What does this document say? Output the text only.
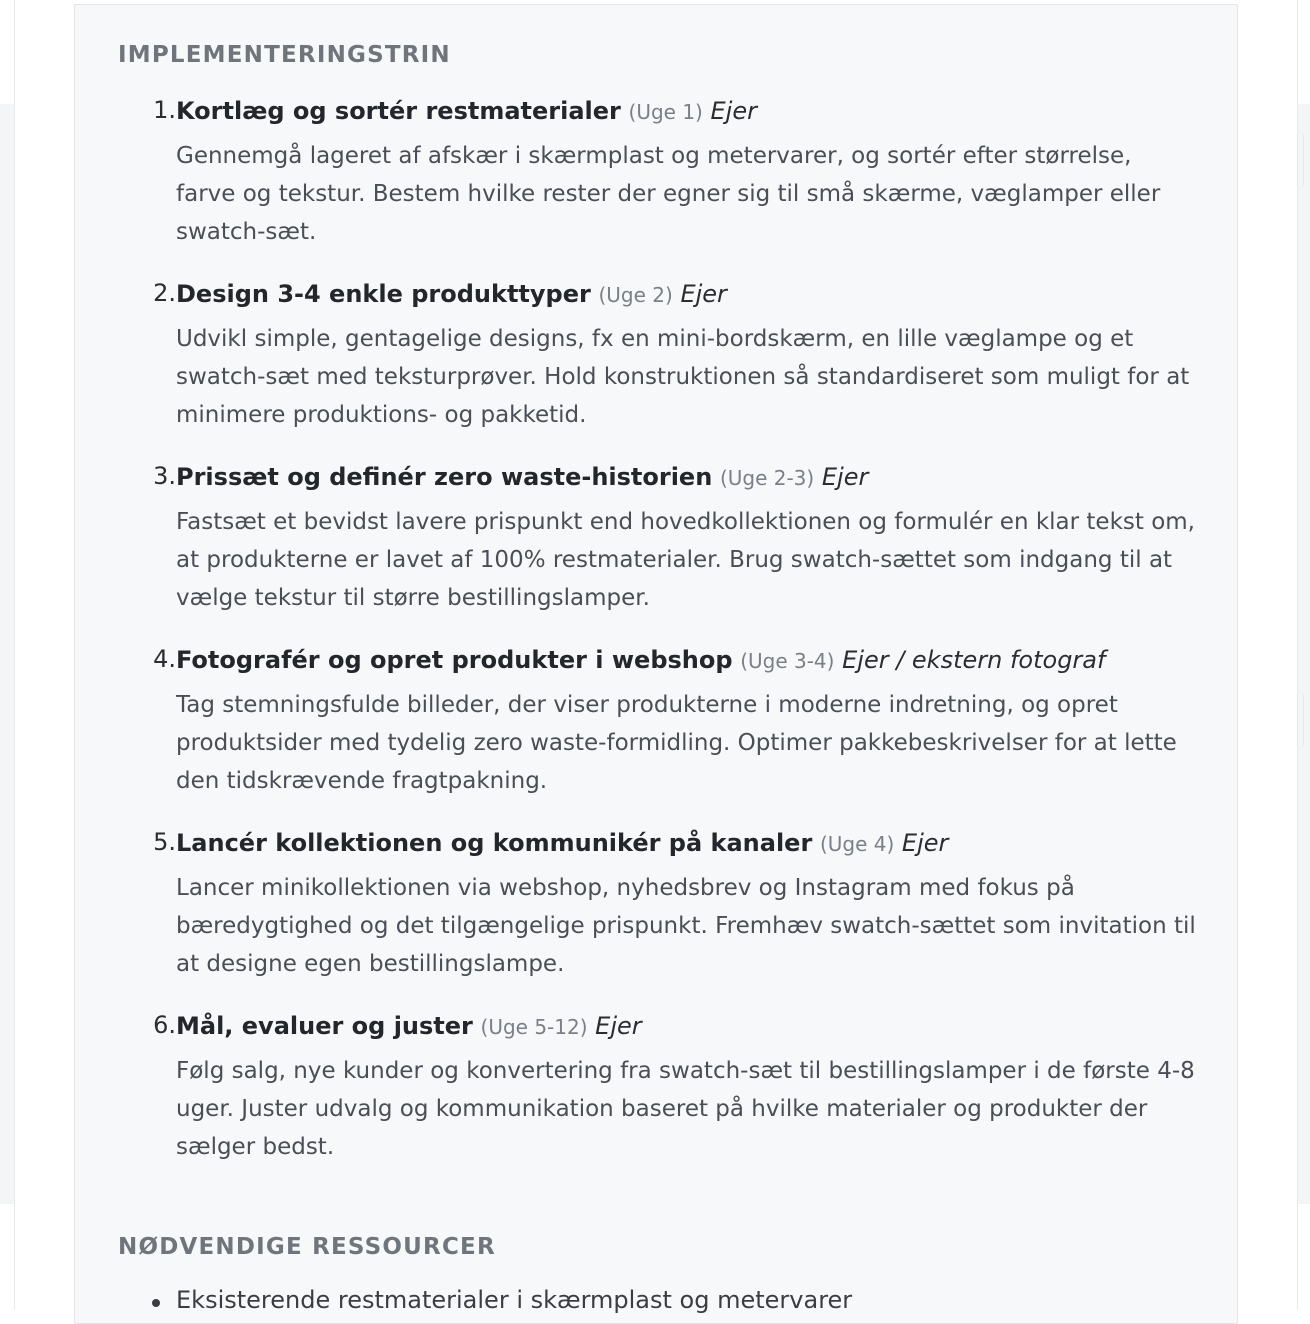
IMPLEMENTERINGSTRIN
1. Kortlæg og sortér restmaterialer (Uge 1) Ejer

Gennemgå lageret af afskær i skærmplast og metervarer, og sortér efter størrelse, farve og tekstur. Bestem hvilke rester der egner sig til små skærme, væglamper eller swatch-sæt.

2. Design 3-4 enkle produkttyper (Uge 2) Ejer

Udvikl simple, gentagelige designs, fx en mini-bordskærm, en lille væglampe og et swatch-sæt med teksturprøver. Hold konstruktionen så standardiseret som muligt for at minimere produktions- og pakketid.

3. Prissæt og definér zero waste-historien (Uge 2-3) Ejer

Fastsæt et bevidst lavere prispunkt end hovedkollektionen og formulér en klar tekst om, at produkterne er lavet af 100% restmaterialer. Brug swatch-sættet som indgang til at vælge tekstur til større bestillingslamper.

4. Fotografér og opret produkter i webshop (Uge 3-4) Ejer / ekstern fotograf

Tag stemningsfulde billeder, der viser produkterne i moderne indretning, og opret produktsider med tydelig zero waste-formidling. Optimer pakkebeskrivelser for at lette den tidskrævende fragtpakning.

5. Lancér kollektionen og kommunikér på kanaler (Uge 4) Ejer

Lancer minikollektionen via webshop, nyhedsbrev og Instagram med fokus på bæredygtighed og det tilgængelige prispunkt. Fremhæv swatch-sættet som invitation til at designe egen bestillingslampe.

6. Mål, evaluer og juster (Uge 5-12) Ejer

Følg salg, nye kunder og konvertering fra swatch-sæt til bestillingslamper i de første 4-8 uger. Juster udvalg og kommunikation baseret på hvilke materialer og produkter der sælger bedst.

NØDVENDIGE RESSOURCER
Eksisterende restmaterialer i skærmplast og metervarer
